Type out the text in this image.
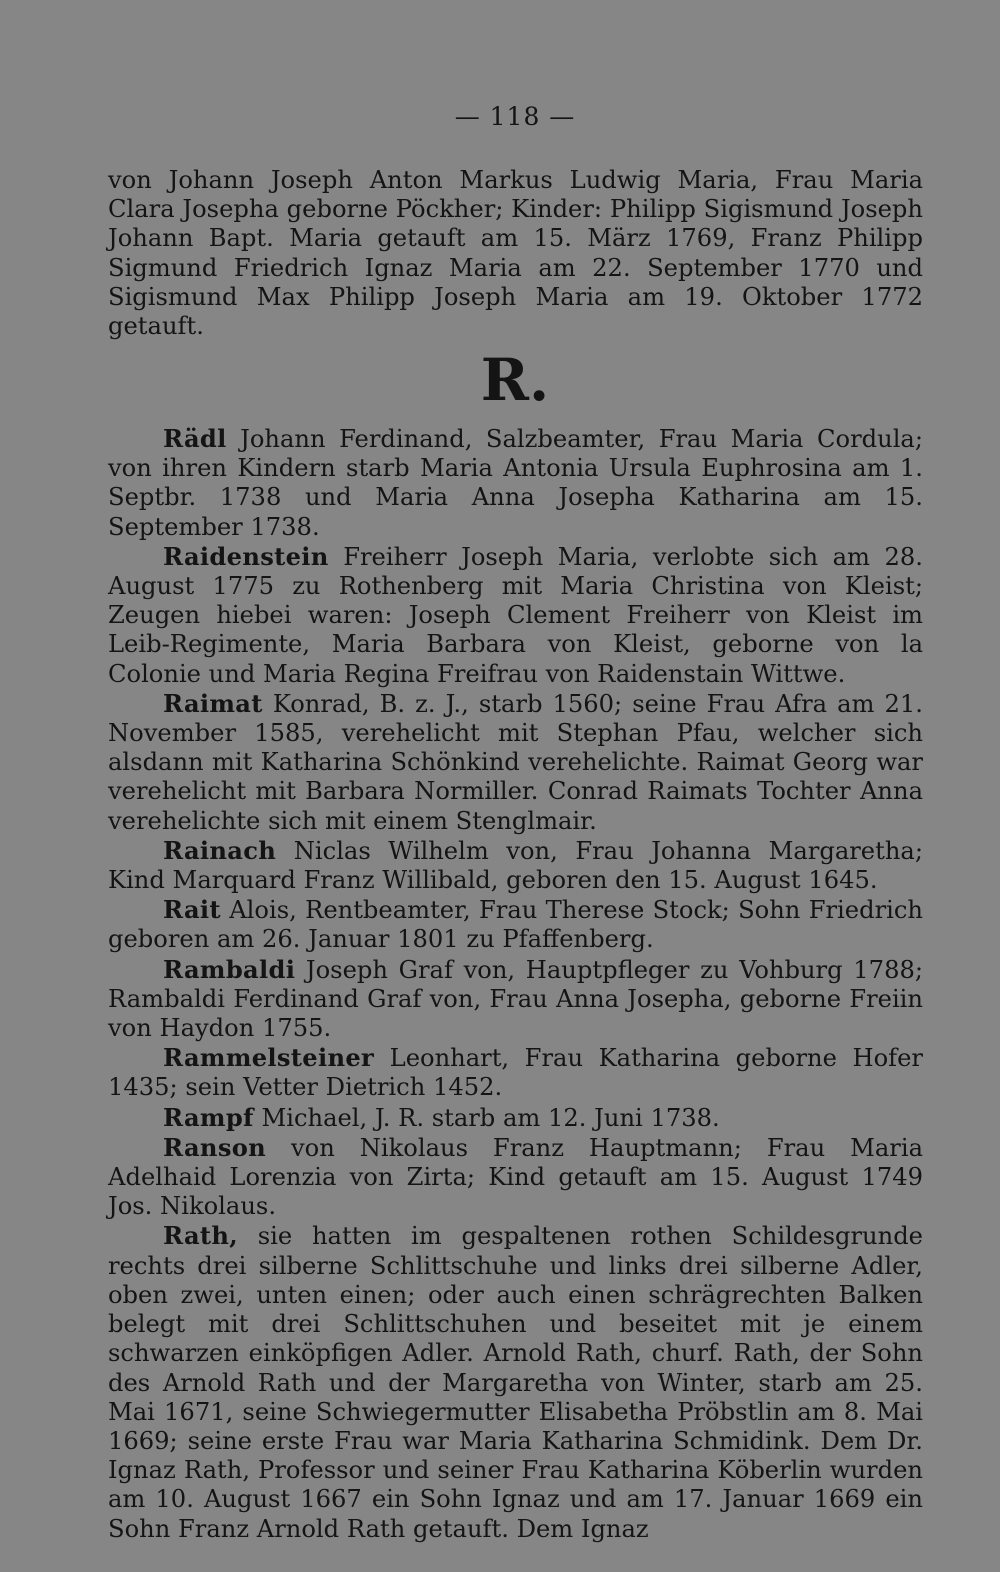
— 118 —

von Johann Joseph Anton Markus Ludwig Maria, Frau Maria Clara Josepha geborne Pöckher; Kinder: Philipp Sigismund Joseph Johann Bapt. Maria getauft am 15. März 1769, Franz Philipp Sigmund Friedrich Ignaz Maria am 22. September 1770 und Sigismund Max Philipp Joseph Maria am 19. Oktober 1772 getauft.

R.

Rädl Johann Ferdinand, Salzbeamter, Frau Maria Cordula; von ihren Kindern starb Maria Antonia Ursula Euphrosina am 1. Septbr. 1738 und Maria Anna Josepha Katharina am 15. September 1738.

Raidenstein Freiherr Joseph Maria, verlobte sich am 28. August 1775 zu Rothenberg mit Maria Christina von Kleist; Zeugen hiebei waren: Joseph Clement Freiherr von Kleist im Leib-Regimente, Maria Barbara von Kleist, geborne von la Colonie und Maria Regina Freifrau von Raidenstain Wittwe.

Raimat Konrad, B. z. J., starb 1560; seine Frau Afra am 21. November 1585, verehelicht mit Stephan Pfau, welcher sich alsdann mit Katharina Schönkind verehelichte. Raimat Georg war verehelicht mit Barbara Normiller. Conrad Raimats Tochter Anna verehelichte sich mit einem Stenglmair.

Rainach Niclas Wilhelm von, Frau Johanna Margaretha; Kind Marquard Franz Willibald, geboren den 15. August 1645.

Rait Alois, Rentbeamter, Frau Therese Stock; Sohn Friedrich geboren am 26. Januar 1801 zu Pfaffenberg.

Rambaldi Joseph Graf von, Hauptpfleger zu Vohburg 1788; Rambaldi Ferdinand Graf von, Frau Anna Josepha, geborne Freiin von Haydon 1755.

Rammelsteiner Leonhart, Frau Katharina geborne Hofer 1435; sein Vetter Dietrich 1452.

Rampf Michael, J. R. starb am 12. Juni 1738.

Ranson von Nikolaus Franz Hauptmann; Frau Maria Adelhaid Lorenzia von Zirta; Kind getauft am 15. August 1749 Jos. Nikolaus.

Rath, sie hatten im gespaltenen rothen Schildesgrunde rechts drei silberne Schlittschuhe und links drei silberne Adler, oben zwei, unten einen; oder auch einen schrägrechten Balken belegt mit drei Schlittschuhen und beseitet mit je einem schwarzen einköpfigen Adler. Arnold Rath, churf. Rath, der Sohn des Arnold Rath und der Margaretha von Winter, starb am 25. Mai 1671, seine Schwiegermutter Elisabetha Pröbstlin am 8. Mai 1669; seine erste Frau war Maria Katharina Schmidink. Dem Dr. Ignaz Rath, Professor und seiner Frau Katharina Köberlin wurden am 10. August 1667 ein Sohn Ignaz und am 17. Januar 1669 ein Sohn Franz Arnold Rath getauft. Dem Ignaz
